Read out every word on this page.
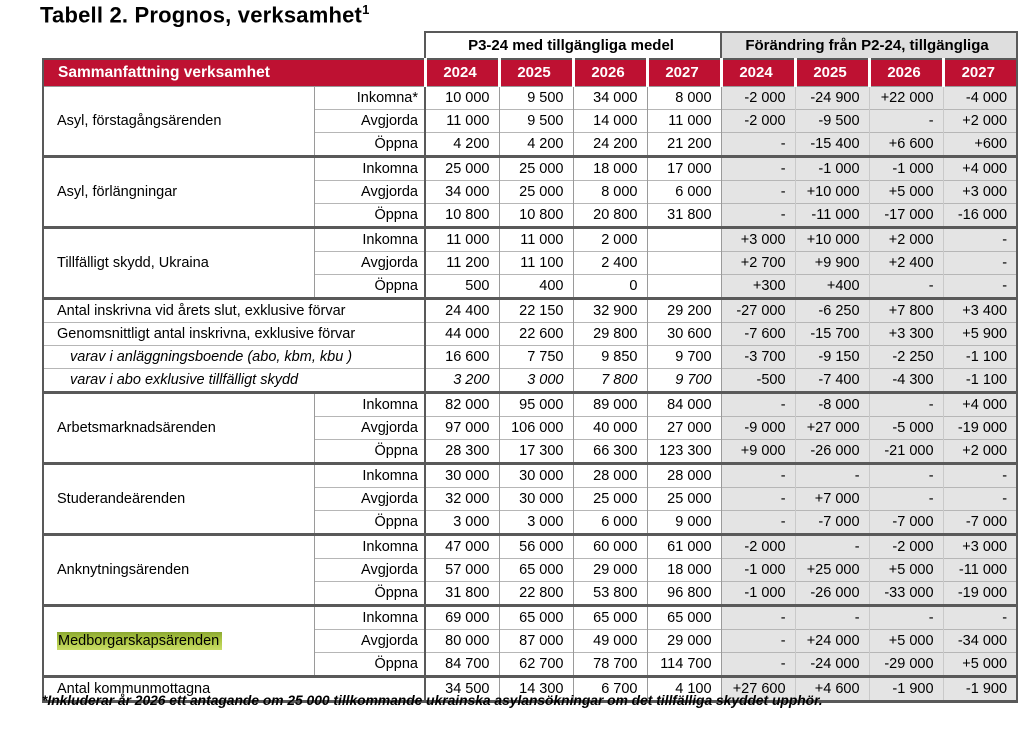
Tabell 2. Prognos, verksamhet$^1$
		P3-24 med tillgängliga medel				Förändring från P2-24, tillgängliga			
Sammanfattning verksamhet		2024	2025	2026	2027	2024	2025	2026	2027
Asyl, förstagångsärenden	Inkomna*	10 000	9 500	34 000	8 000	-2 000	-24 900	+22 000	-4 000
	Avgjorda	11 000	9 500	14 000	11 000	-2 000	-9 500	-	+2 000
	Öppna	4 200	4 200	24 200	21 200	-	-15 400	+6 600	+600
Asyl, förlängningar	Inkomna	25 000	25 000	18 000	17 000	-	-1 000	-1 000	+4 000
	Avgjorda	34 000	25 000	8 000	6 000	-	+10 000	+5 000	+3 000
	Öppna	10 800	10 800	20 800	31 800	-	-11 000	-17 000	-16 000
Tillfälligt skydd, Ukraina	Inkomna	11 000	11 000	2 000		+3 000	+10 000	+2 000	-
	Avgjorda	11 200	11 100	2 400		+2 700	+9 900	+2 400	-
	Öppna	500	400	0		+300	+400	-	-
Antal inskrivna vid årets slut, exklusive förvar		24 400	22 150	32 900	29 200	-27 000	-6 250	+7 800	+3 400
Genomsnittligt antal inskrivna, exklusive förvar		44 000	22 600	29 800	30 600	-7 600	-15 700	+3 300	+5 900
varav i anläggningsboende (abo, kbm, kbu )		16 600	7 750	9 850	9 700	-3 700	-9 150	-2 250	-1 100
varav i abo exklusive tillfälligt skydd		3 200	3 000	7 800	9 700	-500	-7 400	-4 300	-1 100
Arbetsmarknadsärenden	Inkomna	82 000	95 000	89 000	84 000	-	-8 000	-	+4 000
	Avgjorda	97 000	106 000	40 000	27 000	-9 000	+27 000	-5 000	-19 000
	Öppna	28 300	17 300	66 300	123 300	+9 000	-26 000	-21 000	+2 000
Studerandeärenden	Inkomna	30 000	30 000	28 000	28 000	-	-	-	-
	Avgjorda	32 000	30 000	25 000	25 000	-	+7 000	-	-
	Öppna	3 000	3 000	6 000	9 000	-	-7 000	-7 000	-7 000
Anknytningsärenden	Inkomna	47 000	56 000	60 000	61 000	-2 000	-	-2 000	+3 000
	Avgjorda	57 000	65 000	29 000	18 000	-1 000	+25 000	+5 000	-11 000
	Öppna	31 800	22 800	53 800	96 800	-1 000	-26 000	-33 000	-19 000
Medborgarskapsärenden	Inkomna	69 000	65 000	65 000	65 000	-	-	-	-
	Avgjorda	80 000	87 000	49 000	29 000	-	+24 000	+5 000	-34 000
	Öppna	84 700	62 700	78 700	114 700	-	-24 000	-29 000	+5 000
Antal kommunmottagna		34 500	14 300	6 700	4 100	+27 600	+4 600	-1 900	-1 900
*Inkluderar år 2026 ett antagande om 25 000 tillkommande ukrainska asylansökningar om det tillfälliga skyddet upphör.
